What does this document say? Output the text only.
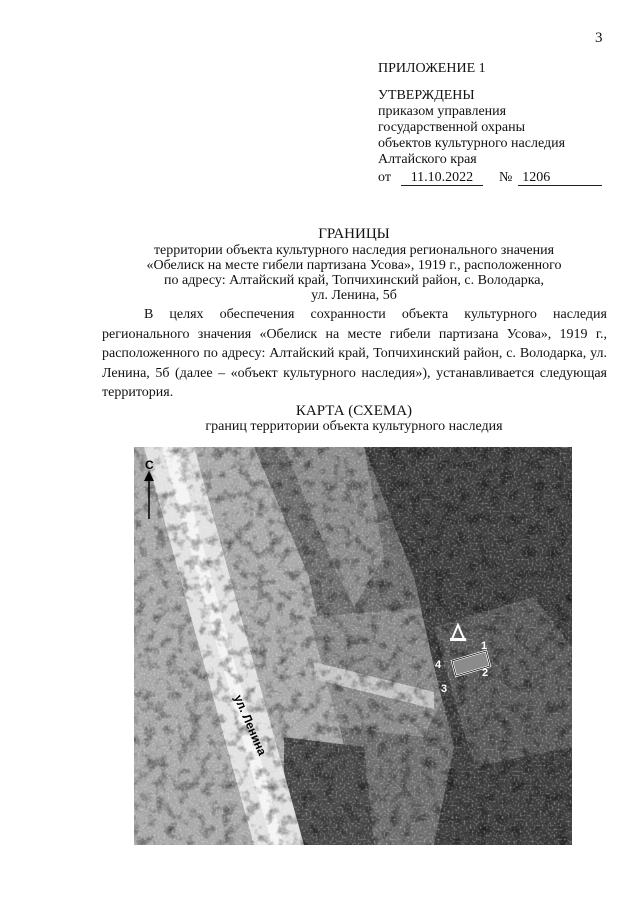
3
ПРИЛОЖЕНИЕ 1
УТВЕРЖДЕНЫ
приказом управления
государственной охраны
объектов культурного наследия
Алтайского края
от 11.10.2022 № 1206
ГРАНИЦЫ
территории объекта культурного наследия регионального значения
«Обелиск на месте гибели партизана Усова», 1919 г., расположенного
по адресу: Алтайский край, Топчихинский район, с. Володарка,
ул. Ленина, 5б
В целях обеспечения сохранности объекта культурного наследия регионального значения «Обелиск на месте гибели партизана Усова», 1919 г., расположенного по адресу: Алтайский край, Топчихинский район, с. Володарка, ул. Ленина, 5б (далее – «объект культурного наследия»), устанавливается следующая территория.
КАРТА (СХЕМА)
границ территории объекта культурного наследия
С
ул. Ленина
1
2
3
4
